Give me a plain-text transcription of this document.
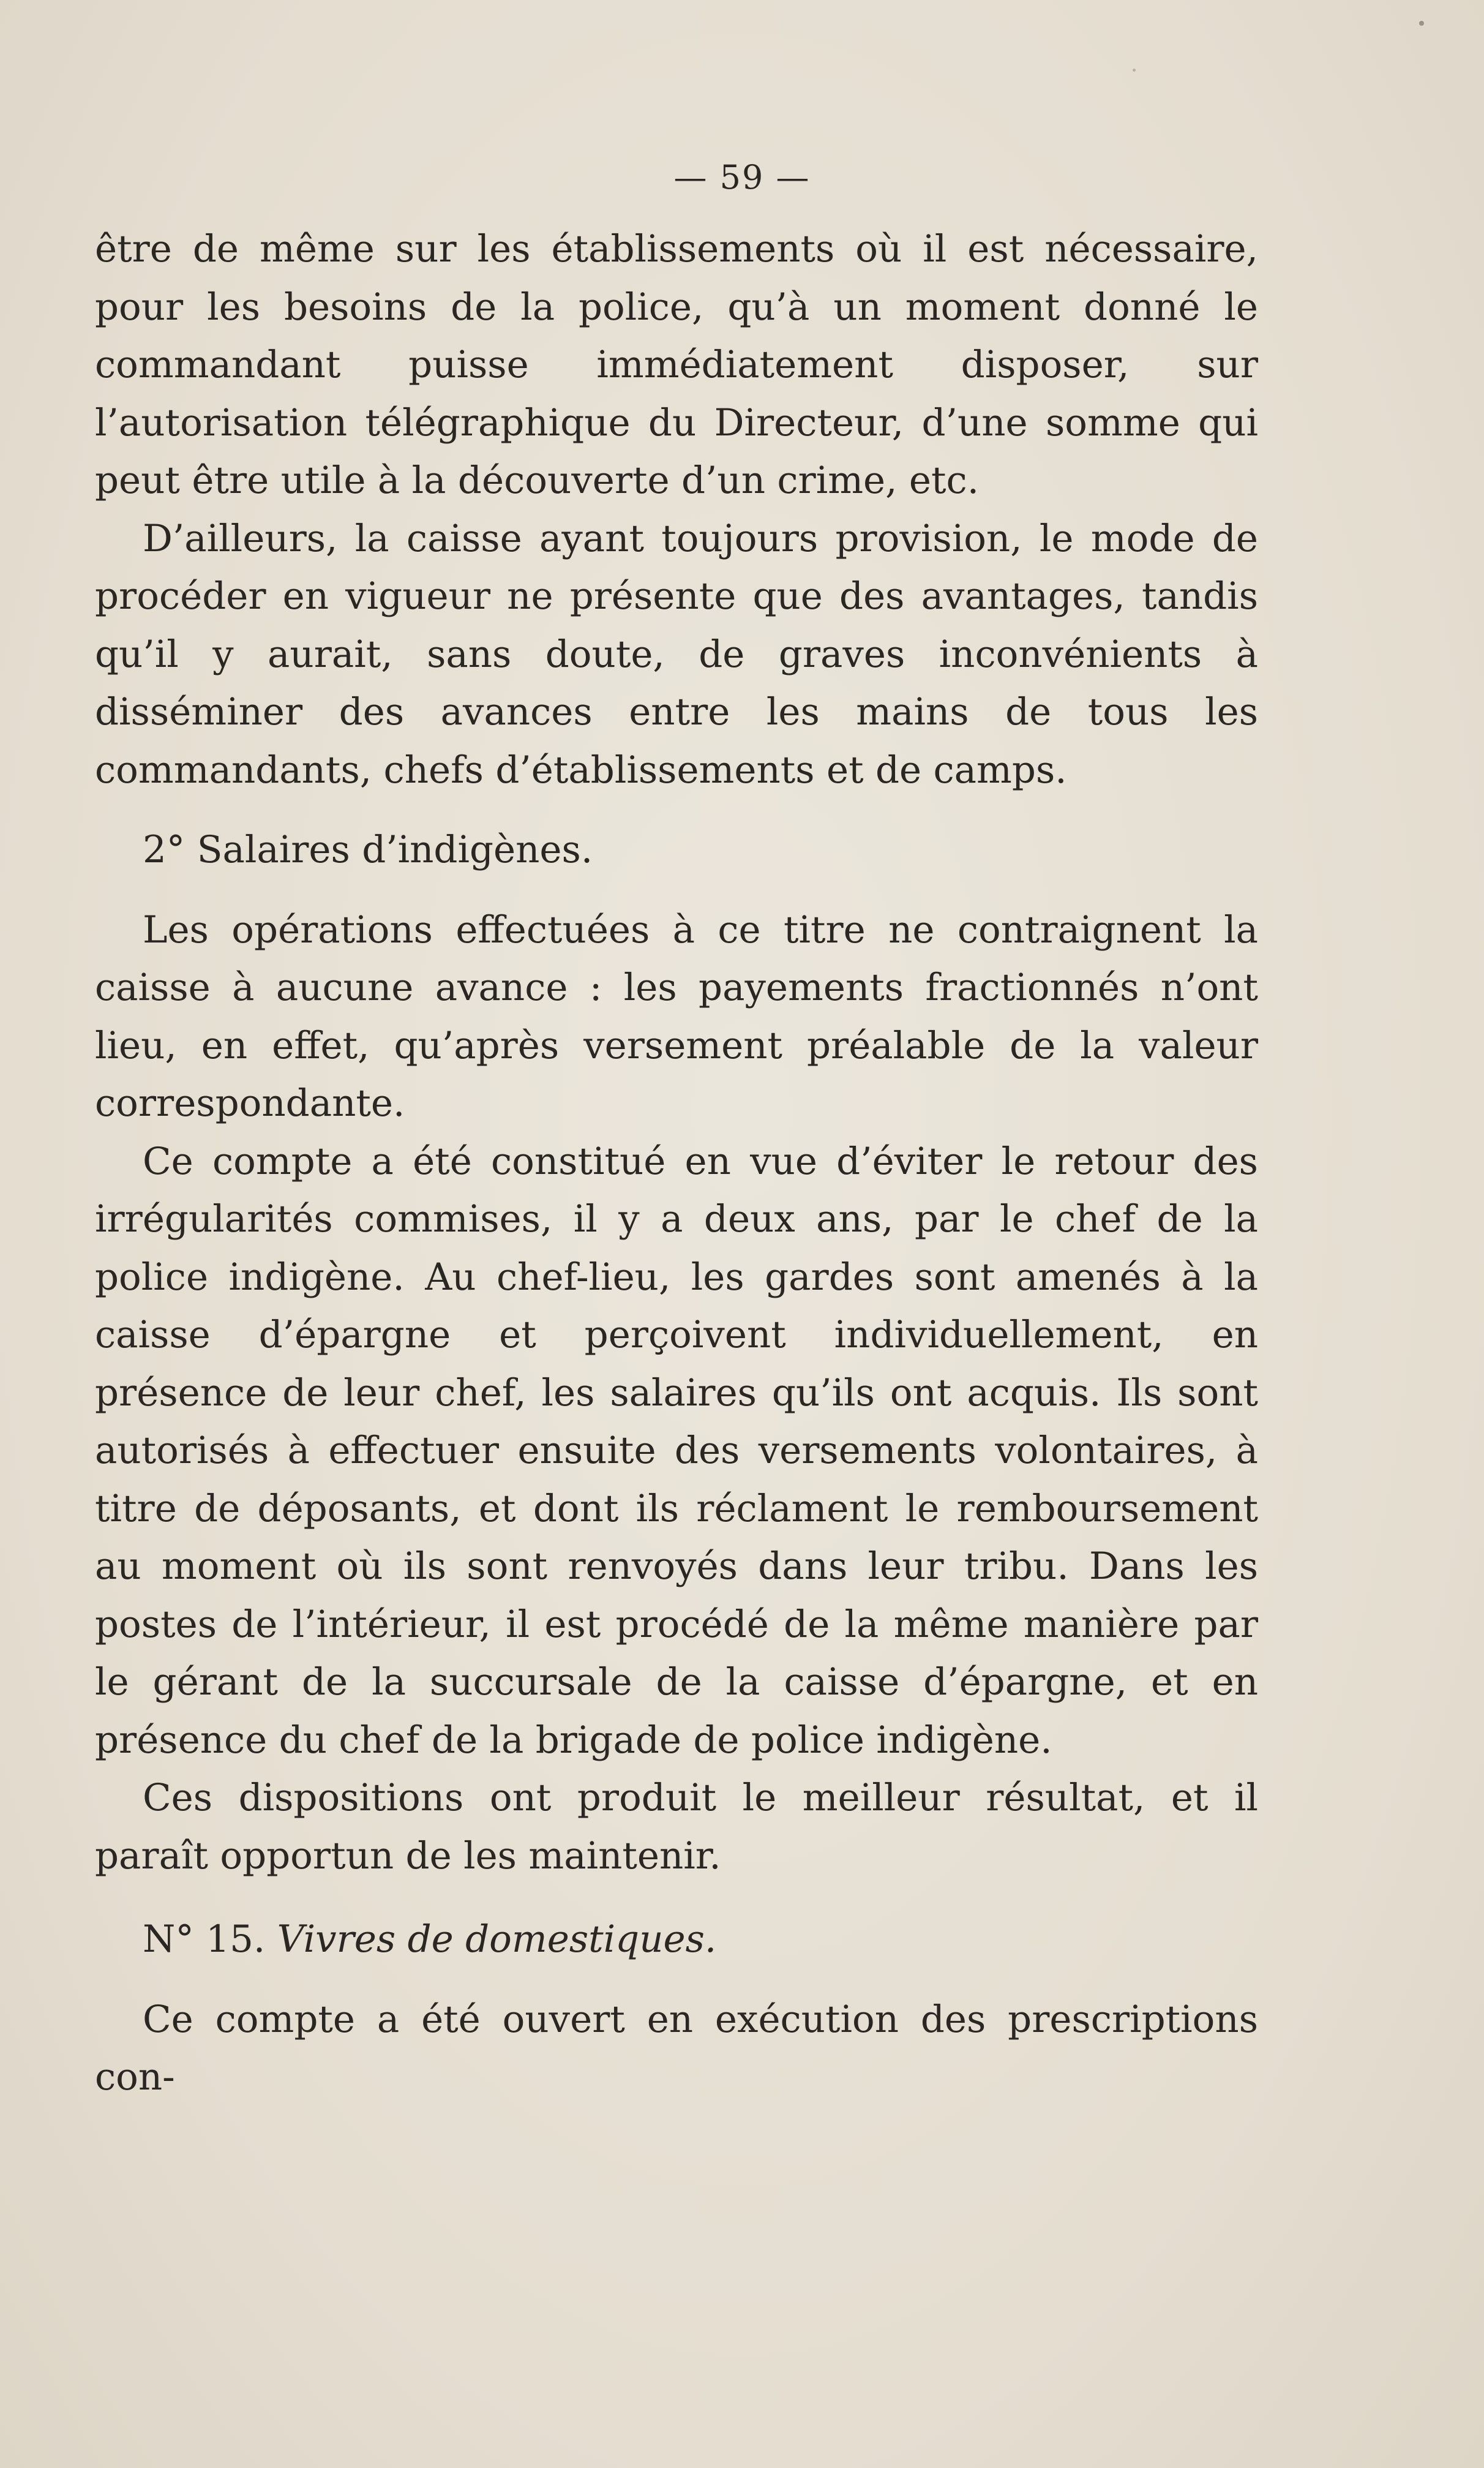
— 59 —

être de même sur les établissements où il est nécessaire, pour les besoins de la police, qu’à un moment donné le commandant puisse immédiatement disposer, sur l’autorisation télégraphique du Directeur, d’une somme qui peut être utile à la découverte d’un crime, etc.

D’ailleurs, la caisse ayant toujours provision, le mode de procéder en vigueur ne présente que des avantages, tandis qu’il y aurait, sans doute, de graves inconvénients à disséminer des avances entre les mains de tous les commandants, chefs d’établissements et de camps.

2° Salaires d’indigènes.

Les opérations effectuées à ce titre ne contraignent la caisse à aucune avance : les payements fractionnés n’ont lieu, en effet, qu’après versement préalable de la valeur correspondante.

Ce compte a été constitué en vue d’éviter le retour des irrégularités commises, il y a deux ans, par le chef de la police indigène. Au chef-lieu, les gardes sont amenés à la caisse d’épargne et perçoivent individuellement, en présence de leur chef, les salaires qu’ils ont acquis. Ils sont autorisés à effectuer ensuite des versements volontaires, à titre de déposants, et dont ils réclament le remboursement au moment où ils sont renvoyés dans leur tribu. Dans les postes de l’intérieur, il est procédé de la même manière par le gérant de la succursale de la caisse d’épargne, et en présence du chef de la brigade de police indigène.

Ces dispositions ont produit le meilleur résultat, et il paraît opportun de les maintenir.

N° 15. Vivres de domestiques.

Ce compte a été ouvert en exécution des prescriptions con-
